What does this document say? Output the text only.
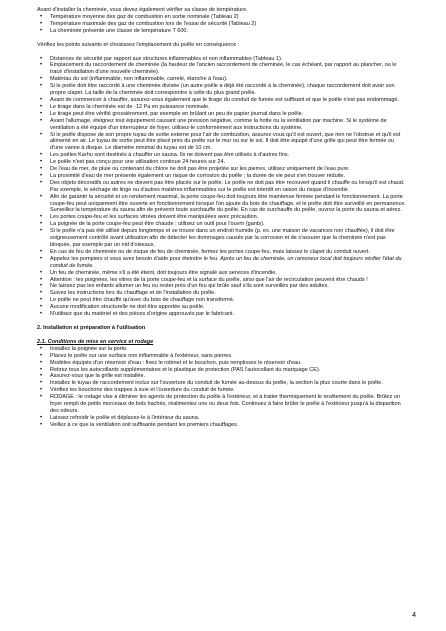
Avant d'installer la cheminée, vous devez également vérifier sa classe de température.

• Température moyenne des gaz de combustion en sortie nominale (Tableau 2)
• Température maximale des gaz de combustion lors de l'essai de sécurité (Tableau 2)
• La cheminée présente une classe de température T 600.

Vérifiez les points suivants et choisissez l'emplacement du poêle en conséquence :

• Distances de sécurité par rapport aux structures inflammables et non inflammables (Tableau 1).
• Emplacement du raccordement de cheminée (la hauteur de l'ancien raccordement de cheminée, le cas échéant, par rapport au plancher, ou le tracé d'installation d'une nouvelle cheminée).
• Matériau du sol (inflammable, non inflammable, carrelé, étanche à l'eau).
• Si le poêle doit être raccordé à une cheminée divisée (un autre poêle a déjà été raccordé à la cheminée), chaque raccordement doit avoir son propre clapet. La taille de la cheminée doit correspondre à celle du plus grand poêle.
• Avant de commencer à chauffer, assurez-vous également que le tirage du conduit de fumée est suffisant et que le poêle n'est pas endommagé.
• Le tirage dans la cheminée est de -12 Pa en puissance nominale.
• Le tirage peut être vérifié grossièrement, par exemple en brûlant un peu de papier journal dans le poêle.
• Avant l'allumage, éteignez tout équipement causant une pression négative, comme la hotte ou la ventilation par machine. Si le système de ventilation a été équipé d'un interrupteur de foyer, utilisez-le conformément aux instructions du système.
• Si le poêle dispose de son propre tuyau de sortie externe pour l'air de combustion, assurez-vous qu'il est ouvert, que rien ne l'obstrue et qu'il est alimenté en air. Le tuyau de sortie peut être placé près du poêle sur le mur ou sur le sol. Il doit être équipé d'une grille qui peut être fermée ou d'une vanne à disque. Le diamètre minimal du tuyau est de 10 cm.
• Les poêles Karhu sont destinés à chauffer un sauna. Ils ne doivent pas être utilisés à d'autres fins.
• Le poêle n'est pas conçu pour une utilisation continue 24 heures sur 24.
• De l'eau de mer, de pluie ou contenant du chlore ne doit pas être projetée sur les pierres, utilisez uniquement de l'eau pure.
• La proximité d'eau de mer présente également un risque de corrosion du poêle ; la durée de vie peut s'en trouver réduite.
• Des objets décoratifs ou autres ne doivent pas être placés sur le poêle. Le poêle ne doit pas être recouvert quand il chauffe ou lorsqu'il est chaud. Par exemple, le séchage de linge ou d'autres matières inflammables sur le poêle est interdit en raison du risque d'incendie.
• Afin de garantir la sécurité et un rendement maximal, la porte coupe-feu doit toujours être maintenue fermée pendant le fonctionnement. La porte coupe-feu peut uniquement être ouverte en fonctionnement lorsque l'on ajoute du bois de chauffage, et le poêle doit être surveillé en permanence. Surveillez la température du sauna afin de prévenir toute surchauffe du poêle. En cas de surchauffe du poêle, ouvrez la porte du sauna et aérez.
• Les portes coupe-feu et les surfaces vitrées doivent être manipulées avec précaution.
• La poignée de la porte coupe-feu peut être chaude ; utilisez un outil pour l'ouvrir (gants).
• Si le poêle n'a pas été utilisé depuis longtemps et se trouve dans un endroit humide (p. ex. une maison de vacances non chauffée), il doit être soigneusement contrôlé avant utilisation afin de détecter les dommages causés par la corrosion et de s'assurer que la cheminée n'est pas bloquée, par exemple par un nid d'oiseaux.
• En cas de feu de cheminée ou de risque de feu de cheminée, fermez les portes coupe-feu, mais laissez le clapet du conduit ouvert.
• Appelez les pompiers si vous avez besoin d'aide pour éteindre le feu. Après un feu de cheminée, un ramoneur local doit toujours vérifier l'état du conduit de fumée.
• Un feu de cheminée, même s'il a été éteint, doit toujours être signalé aux services d'incendie.
• Attention : les poignées, les vitres de la porte coupe-feu et la surface du poêle, ainsi que l'air de recirculation peuvent être chauds !
• Ne laissez pas les enfants allumer un feu ou rester près d'un feu qui brûle sauf s'ils sont surveillés par des adultes.
• Suivez les instructions lors du chauffage et de l'installation du poêle.
• Le poêle ne peut être chauffé qu'avec du bois de chauffage non transformé.
• Aucune modification structurelle ne doit être apportée au poêle.
• N'utilisez que du matériel et des pièces d'origine approuvés par le fabricant.

2. Installation et préparation à l'utilisation

2.1. Conditions de mise en service et rodage

• Installez la poignée sur la porte.
• Placez le poêle sur une surface non inflammable à l'extérieur, sans pierres.
• Modèles équipés d'un réservoir d'eau : fixez le robinet et le bouchon, puis remplissez le réservoir d'eau.
• Retirez tous les autocollants supplémentaires et le plastique de protection (PAS l'autocollant du marquage CE).
• Assurez-vous que la grille est installée.
• Installez le tuyau de raccordement inclus sur l'ouverture du conduit de fumée au-dessus du poêle, la section la plus courte dans le poêle.
• Vérifiez les bouchons des trappes à suie et l'ouverture du conduit de fumée.
• RODAGE : le rodage vise à éliminer les agents de protection du poêle à l'extérieur, et à traiter thermiquement le revêtement du poêle. Brûlez un foyer rempli de petits morceaux de bois hachés, réalimentez une ou deux fois. Continuez à faire brûler le poêle à l'extérieur jusqu'à la disparition des odeurs.
• Laissez refroidir le poêle et déplacez-le à l'intérieur du sauna.
• Veillez à ce que la ventilation soit suffisante pendant les premiers chauffages.
4
